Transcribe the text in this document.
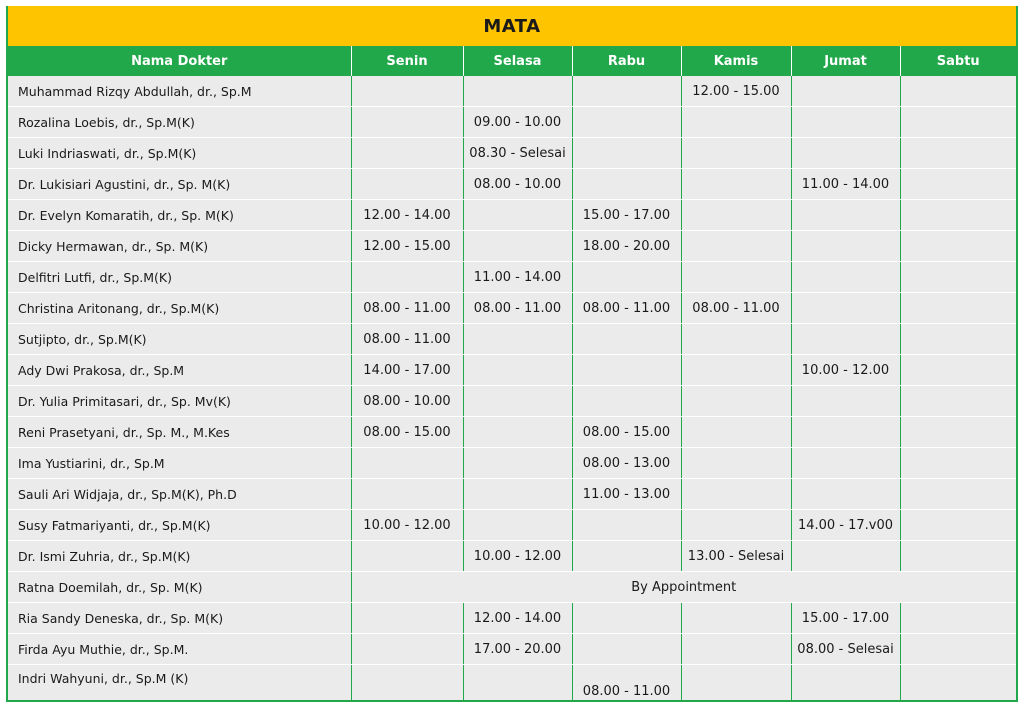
MATA
Nama Dokter	Senin	Selasa	Rabu	Kamis	Jumat	Sabtu
Muhammad Rizqy Abdullah, dr., Sp.M				12.00 - 15.00		
Rozalina Loebis, dr., Sp.M(K)		09.00 - 10.00				
Luki Indriaswati, dr., Sp.M(K)		08.30 - Selesai				
Dr. Lukisiari Agustini, dr., Sp. M(K)		08.00 - 10.00			11.00 - 14.00	
Dr. Evelyn Komaratih, dr., Sp. M(K)	12.00 - 14.00		15.00 - 17.00			
Dicky Hermawan, dr., Sp. M(K)	12.00 - 15.00		18.00 - 20.00			
Delfitri Lutfi, dr., Sp.M(K)		11.00 - 14.00				
Christina Aritonang, dr., Sp.M(K)	08.00 - 11.00	08.00 - 11.00	08.00 - 11.00	08.00 - 11.00		
Sutjipto, dr., Sp.M(K)	08.00 - 11.00					
Ady Dwi Prakosa, dr., Sp.M	14.00 - 17.00				10.00 - 12.00	
Dr. Yulia Primitasari, dr., Sp. Mv(K)	08.00 - 10.00					
Reni Prasetyani, dr., Sp. M., M.Kes	08.00 - 15.00		08.00 - 15.00			
Ima Yustiarini, dr., Sp.M			08.00 - 13.00			
Sauli Ari Widjaja, dr., Sp.M(K), Ph.D			11.00 - 13.00			
Susy Fatmariyanti, dr., Sp.M(K)	10.00 - 12.00				14.00 - 17.v00	
Dr. Ismi Zuhria, dr., Sp.M(K)		10.00 - 12.00		13.00 - Selesai		
Ratna Doemilah, dr., Sp. M(K)	By Appointment					
Ria Sandy Deneska, dr., Sp. M(K)		12.00 - 14.00			15.00 - 17.00	
Firda Ayu Muthie, dr., Sp.M.		17.00 - 20.00			08.00 - Selesai	
Indri Wahyuni, dr., Sp.M (K)			08.00 - 11.00			
